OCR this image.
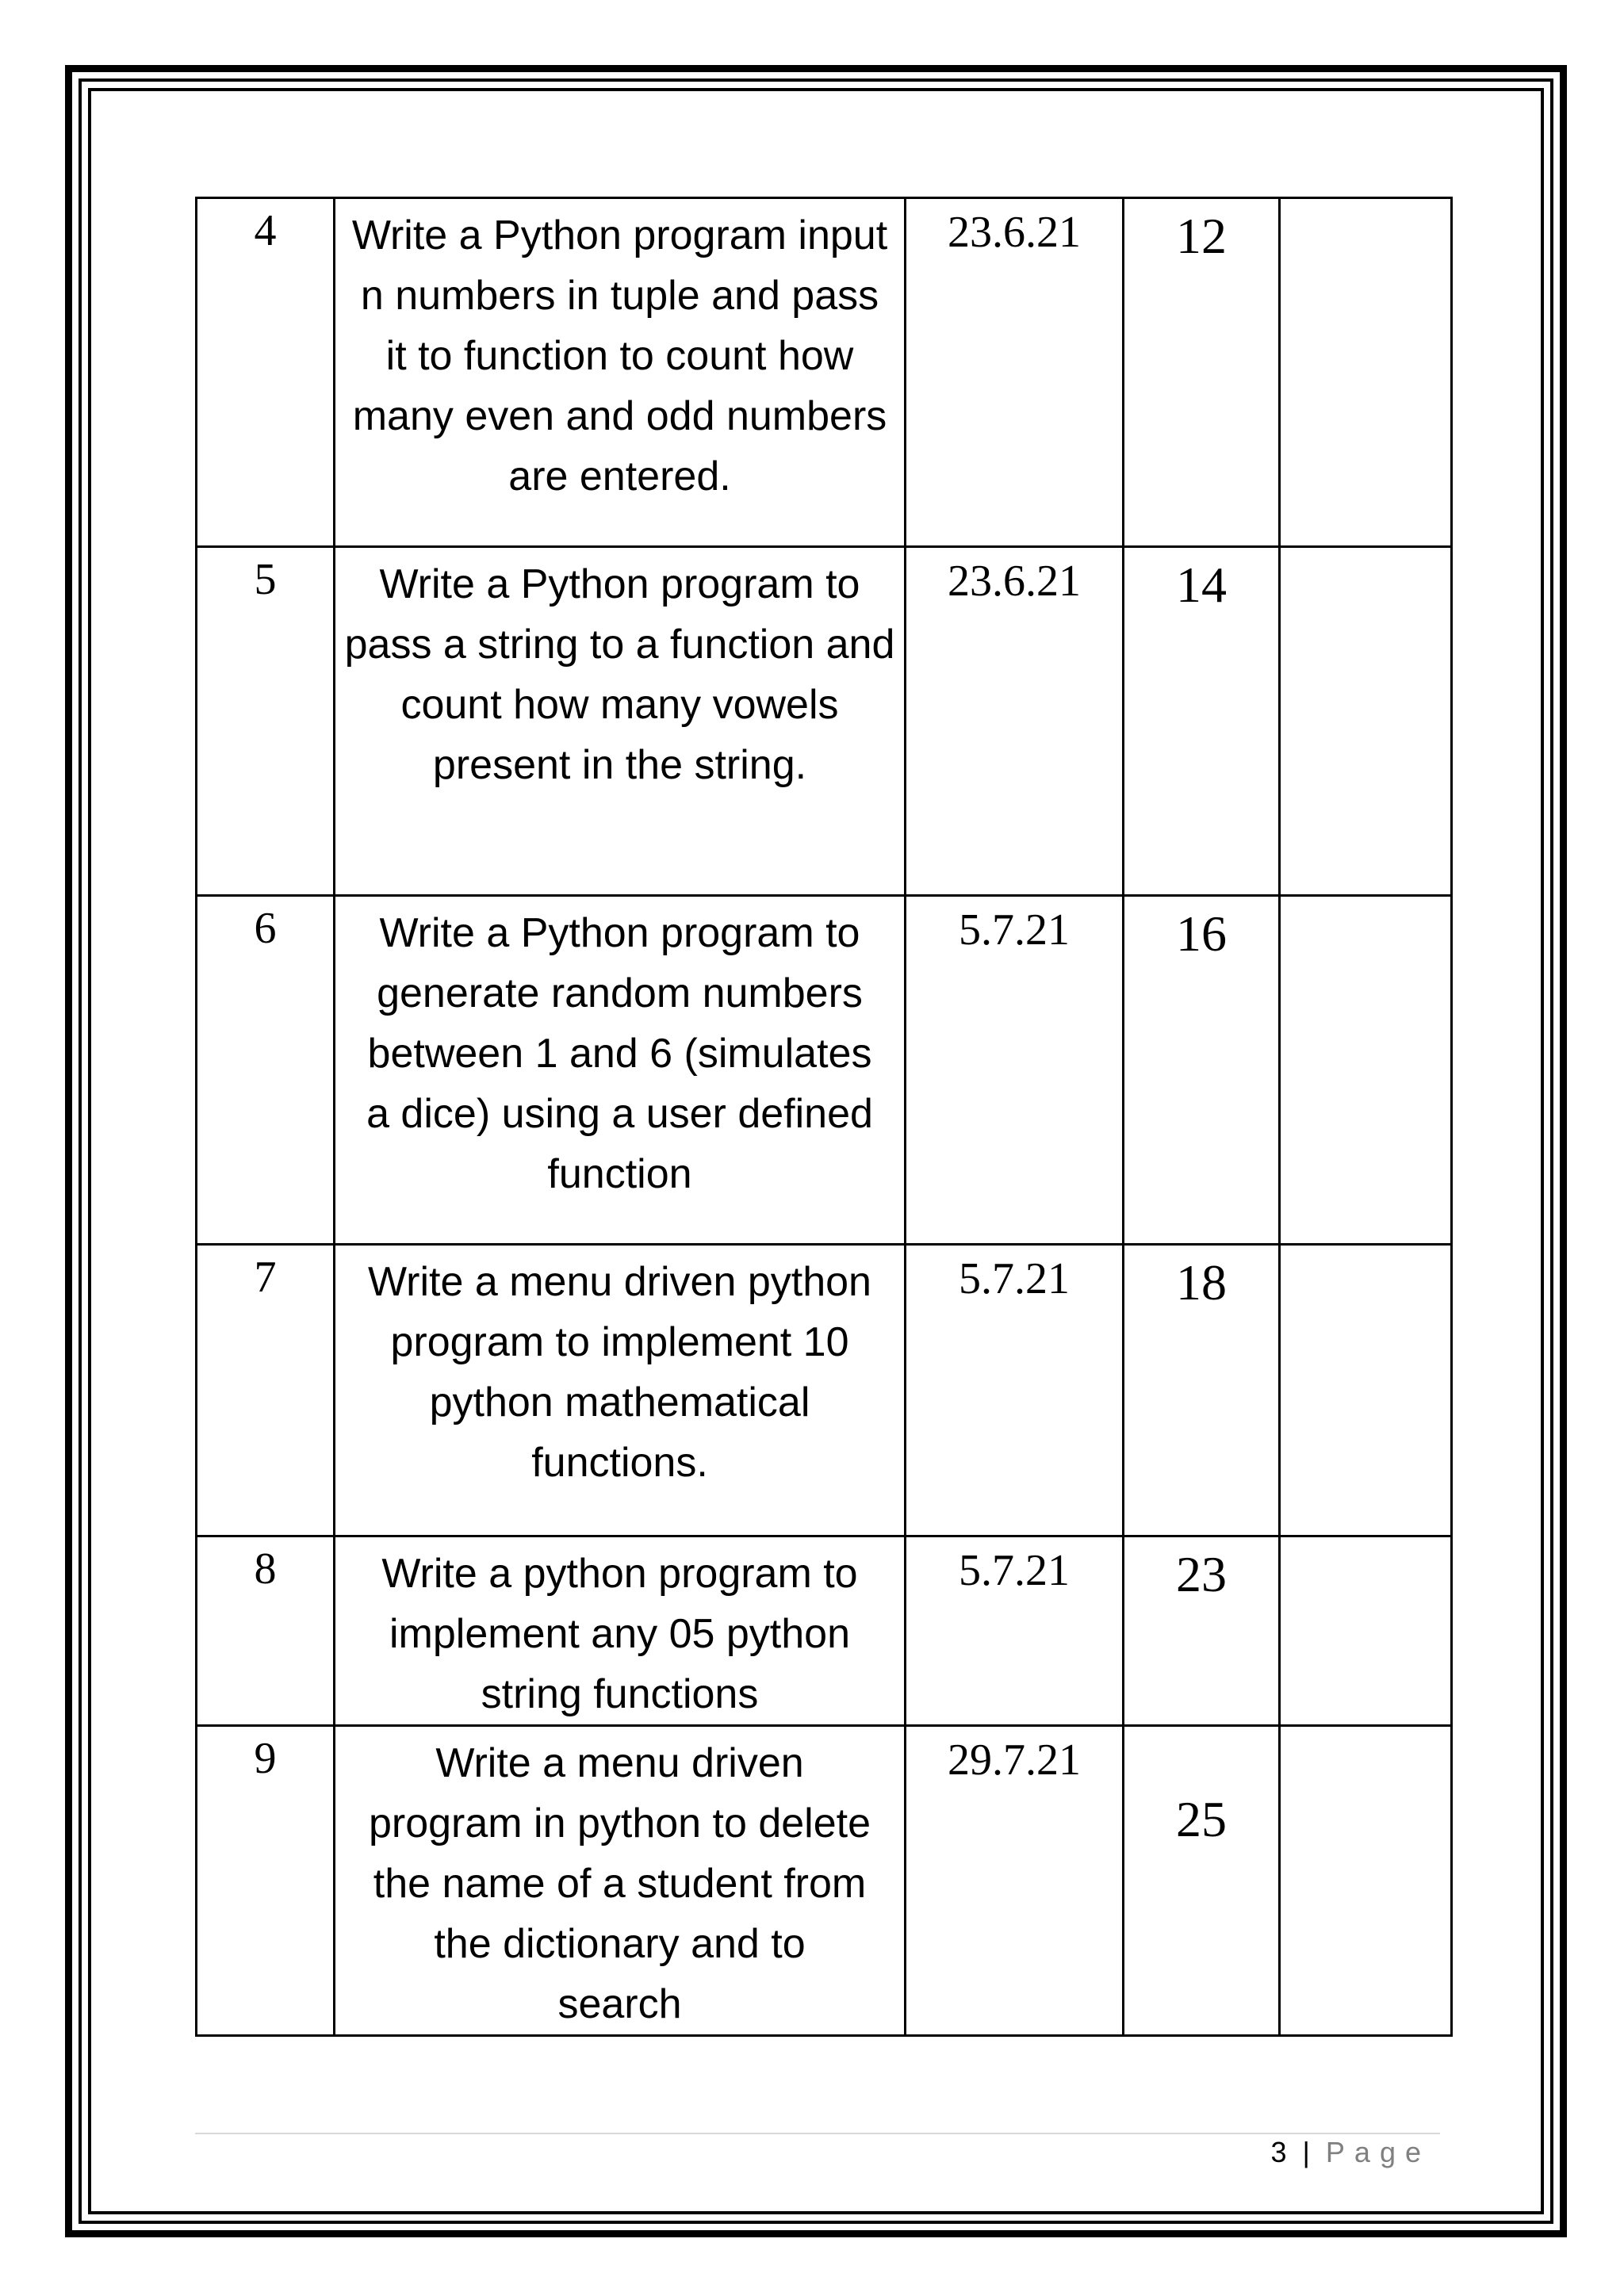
4	Write a Python program input n numbers in tuple and pass it to function to count how many even and odd numbers are entered.	23.6.21	12	
5	Write a Python program to pass a string to a function and count how many vowels present in the string.	23.6.21	14	
6	Write a Python program to generate random numbers between 1 and 6 (simulates a dice) using a user defined function	5.7.21	16	
7	Write a menu driven python program to implement 10 python mathematical functions.	5.7.21	18	
8	Write a python program to implement any 05 python string functions	5.7.21	23	
9	Write a menu driven program in python to delete the name of a student from the dictionary and to search	29.7.21	25	
3 | Page
